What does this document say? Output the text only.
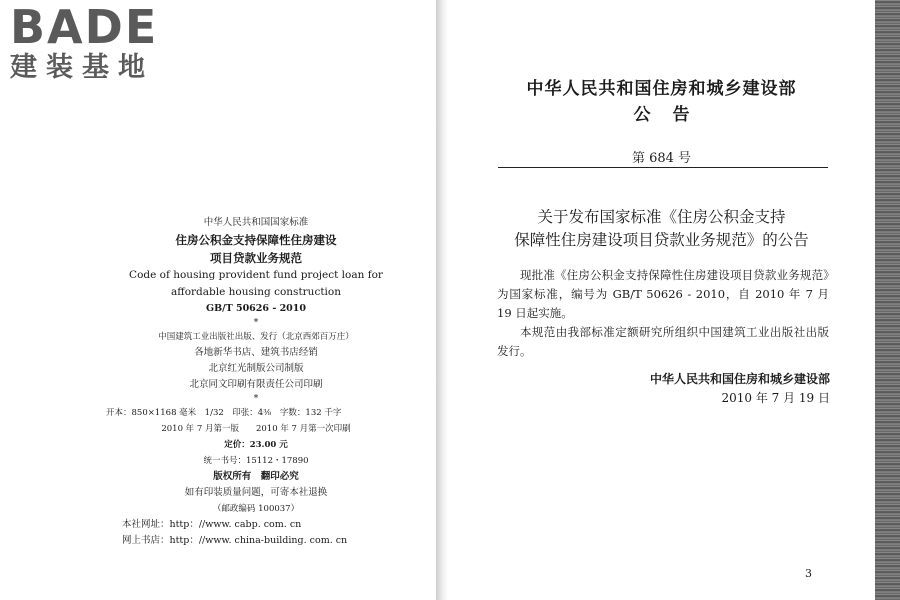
BADE
建装基地
中华人民共和国国家标准
住房公积金支持保障性住房建设
项目贷款业务规范
Code of housing provident fund project loan for
affordable housing construction
GB/T 50626 - 2010
*
中国建筑工业出版社出版、发行（北京西郊百万庄）
各地新华书店、建筑书店经销
北京红光制版公司制版
北京同文印刷有限责任公司印刷
*
开本：850×1168 毫米　1/32　印张：4⅜　字数：132 千字
2010 年 7 月第一版　　2010 年 7 月第一次印刷
定价：23.00 元
统一书号：15112・17890
版权所有　翻印必究
如有印装质量问题，可寄本社退换
（邮政编码 100037）
本社网址：http：//www. cabp. com. cn
网上书店：http：//www. china-building. com. cn
中华人民共和国住房和城乡建设部
公告
第 684 号
关于发布国家标准《住房公积金支持
保障性住房建设项目贷款业务规范》的公告

现批准《住房公积金支持保障性住房建设项目贷款业务规范》为国家标准，编号为 GB/T 50626 - 2010，自 2010 年 7 月 19 日起实施。

本规范由我部标准定额研究所组织中国建筑工业出版社出版发行。

中华人民共和国住房和城乡建设部
2010 年 7 月 19 日
3
